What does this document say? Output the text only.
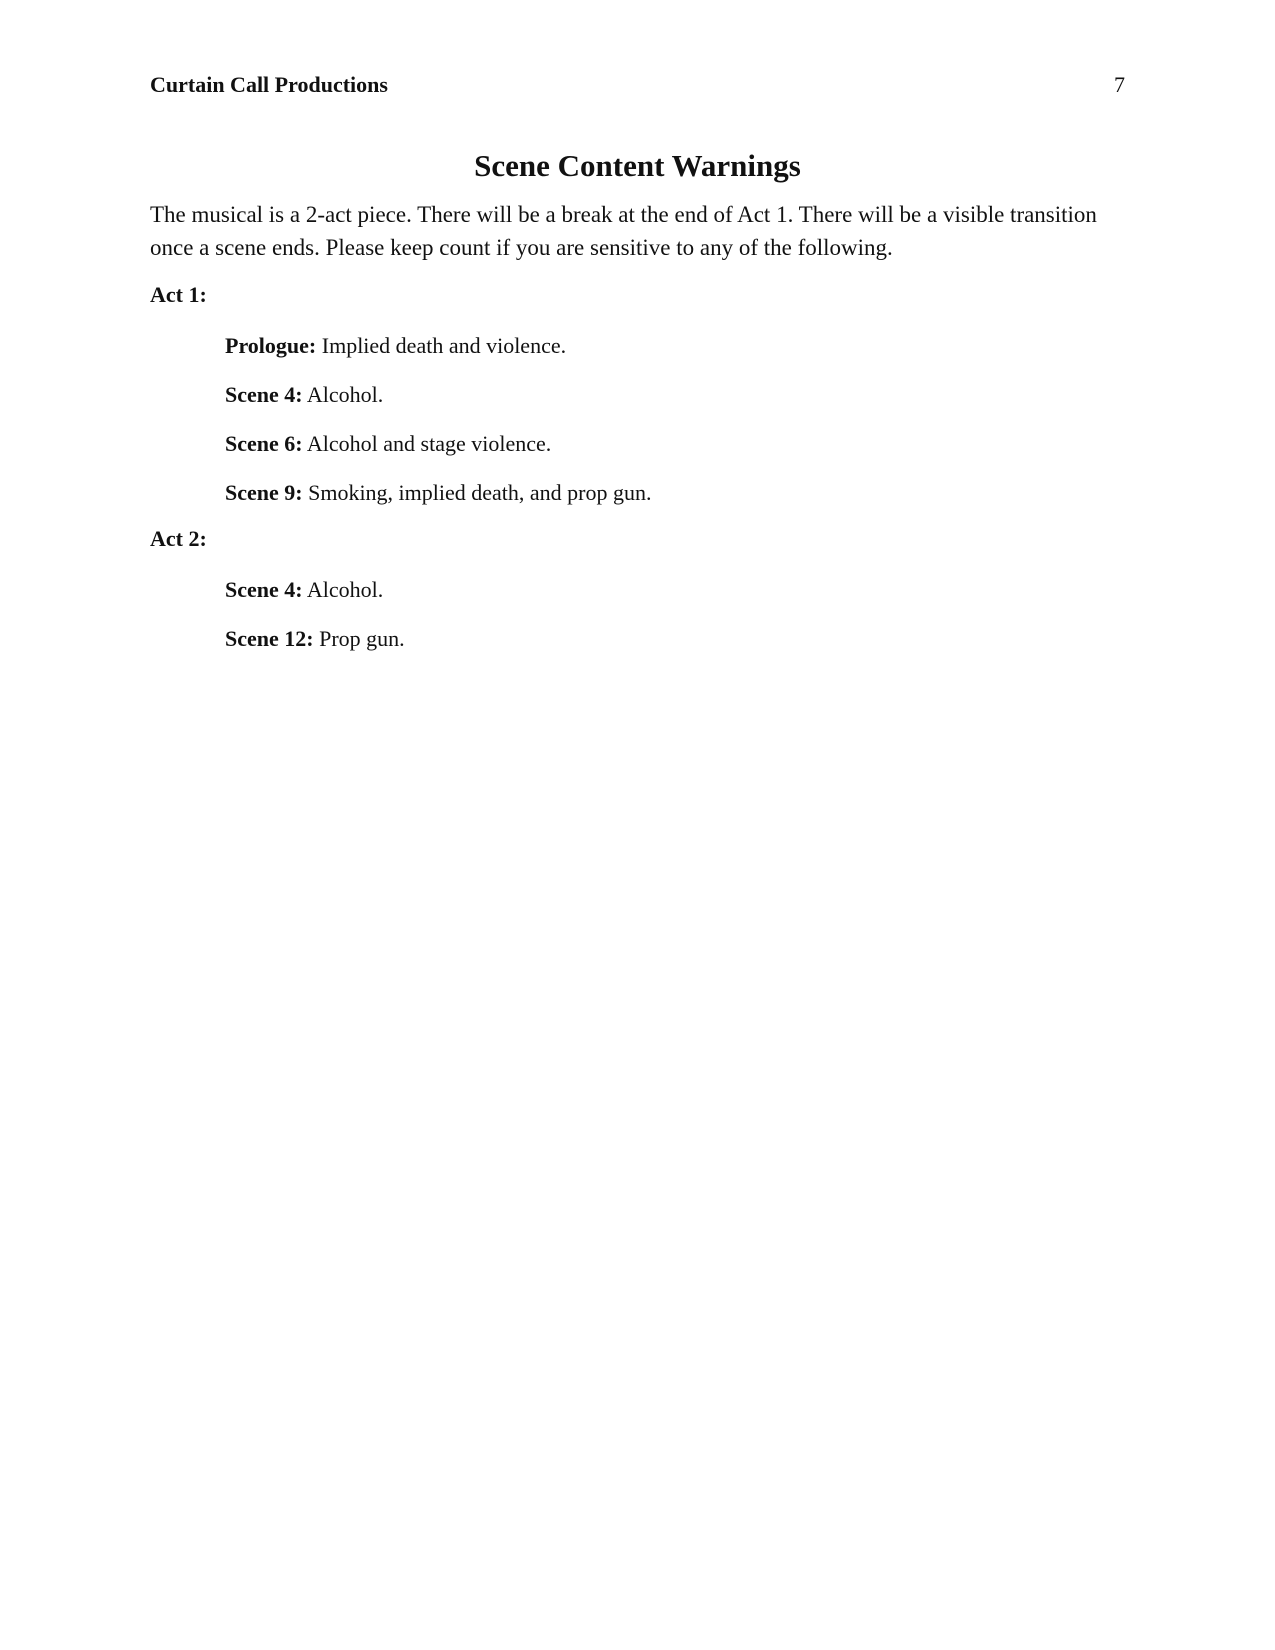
Curtain Call Productions	7
Scene Content Warnings

The musical is a 2-act piece. There will be a break at the end of Act 1. There will be a visible transition once a scene ends. Please keep count if you are sensitive to any of the following.

Act 1:
Prologue: Implied death and violence.
Scene 4: Alcohol.
Scene 6: Alcohol and stage violence.
Scene 9: Smoking, implied death, and prop gun.
Act 2:
Scene 4: Alcohol.
Scene 12: Prop gun.
